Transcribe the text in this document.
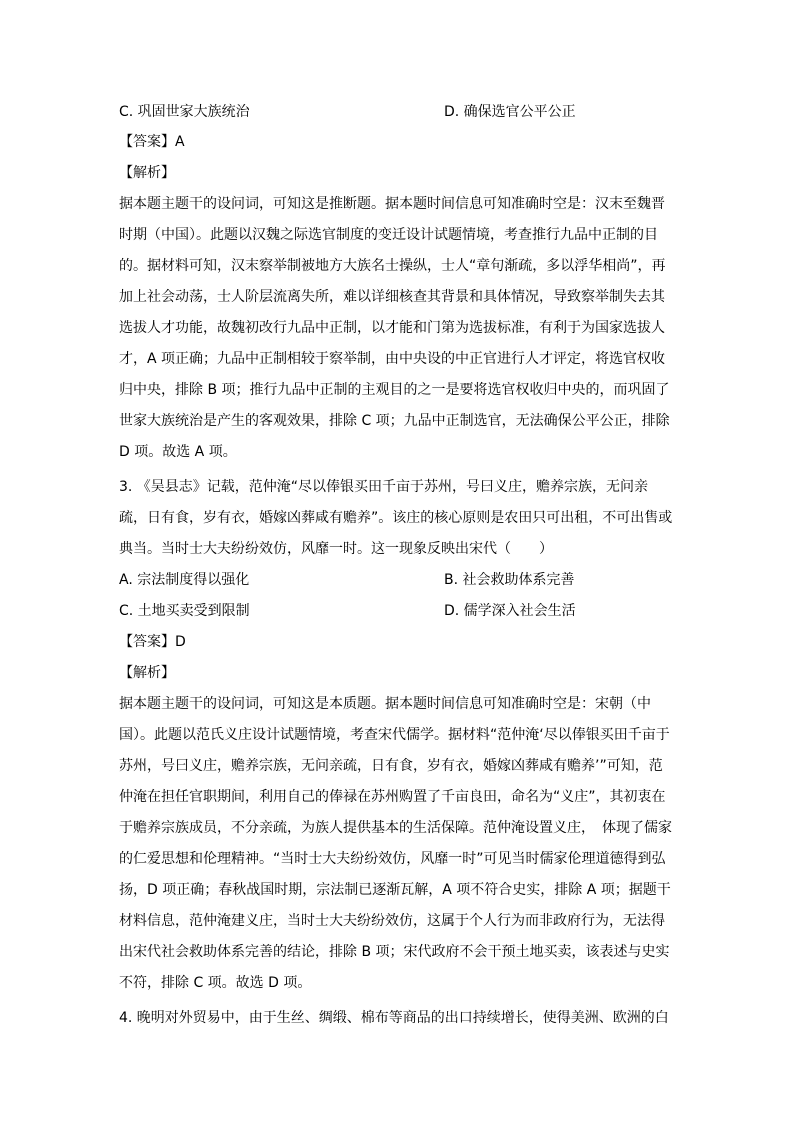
C. 巩固世家大族统治	D. 确保选官公平公正
【答案】A
【解析】
据本题主题干的设问词，可知这是推断题。据本题时间信息可知准确时空是：汉末至魏晋
时期（中国）。此题以汉魏之际选官制度的变迁设计试题情境，考查推行九品中正制的目
的。据材料可知，汉末察举制被地方大族名士操纵，士人“章句渐疏，多以浮华相尚”，再
加上社会动荡，士人阶层流离失所，难以详细核查其背景和具体情况，导致察举制失去其
选拔人才功能，故魏初改行九品中正制，以才能和门第为选拔标准，有利于为国家选拔人
才，A 项正确；九品中正制相较于察举制，由中央设的中正官进行人才评定，将选官权收
归中央，排除 B 项；推行九品中正制的主观目的之一是要将选官权收归中央的，而巩固了
世家大族统治是产生的客观效果，排除 C 项；九品中正制选官，无法确保公平公正，排除
D 项。故选 A 项。
3. 《吴县志》记载，范仲淹“尽以俸银买田千亩于苏州，号曰义庄，赡养宗族，无问亲
疏，日有食，岁有衣，婚嫁凶葬咸有赡养”。该庄的核心原则是农田只可出租，不可出售或
典当。当时士大夫纷纷效仿，风靡一时。这一现象反映出宋代（　　）
A. 宗法制度得以强化	B. 社会救助体系完善
C. 土地买卖受到限制	D. 儒学深入社会生活
【答案】D
【解析】
据本题主题干的设问词，可知这是本质题。据本题时间信息可知准确时空是：宋朝（中
国）。此题以范氏义庄设计试题情境，考查宋代儒学。据材料“范仲淹‘尽以俸银买田千亩于
苏州，号曰义庄，赡养宗族，无问亲疏，日有食，岁有衣，婚嫁凶葬咸有赡养’”可知，范
仲淹在担任官职期间，利用自己的俸禄在苏州购置了千亩良田，命名为“义庄”，其初衷在
于赡养宗族成员，不分亲疏，为族人提供基本的生活保障。范仲淹设置义庄，　体现了儒家
的仁爱思想和伦理精神。“当时士大夫纷纷效仿，风靡一时”可见当时儒家伦理道德得到弘
扬，D 项正确；春秋战国时期，宗法制已逐渐瓦解，A 项不符合史实，排除 A 项；据题干
材料信息，范仲淹建义庄，当时士大夫纷纷效仿，这属于个人行为而非政府行为，无法得
出宋代社会救助体系完善的结论，排除 B 项；宋代政府不会干预土地买卖，该表述与史实
不符，排除 C 项。故选 D 项。
4. 晚明对外贸易中，由于生丝、绸缎、棉布等商品的出口持续增长，使得美洲、欧洲的白
